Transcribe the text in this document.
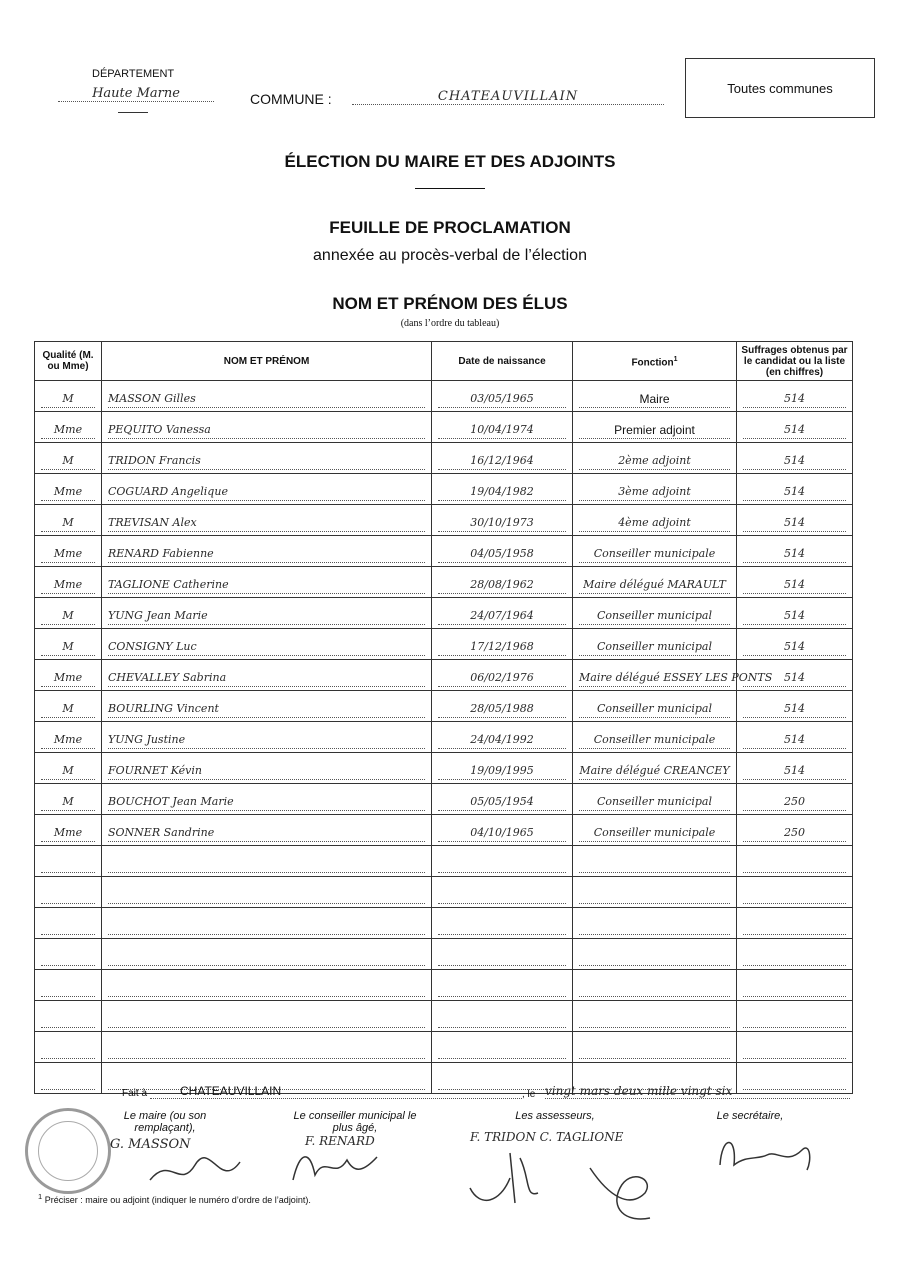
DÉPARTEMENT
Haute Marne	COMMUNE :	CHATEAUVILLAIN
Toutes communes
ÉLECTION DU MAIRE ET DES ADJOINTS
FEUILLE DE PROCLAMATION
annexée au procès-verbal de l’élection
NOM ET PRÉNOM DES ÉLUS
(dans l’ordre du tableau)
Qualité (M. ou Mme)	NOM ET PRÉNOM	Date de naissance	Fonction$^1$	Suffrages obtenus par le candidat ou la liste (en chiffres)

M	MASSON Gilles	03/05/1965	Maire	514

Mme	PEQUITO Vanessa	10/04/1974	Premier adjoint	514

M	TRIDON Francis	16/12/1964	2ème adjoint	514

Mme	COGUARD Angelique	19/04/1982	3ème adjoint	514

M	TREVISAN Alex	30/10/1973	4ème adjoint	514

Mme	RENARD Fabienne	04/05/1958	Conseiller municipale	514

Mme	TAGLIONE Catherine	28/08/1962	Maire délégué MARAULT	514

M	YUNG Jean Marie	24/07/1964	Conseiller municipal	514

M	CONSIGNY Luc	17/12/1968	Conseiller municipal	514

Mme	CHEVALLEY Sabrina	06/02/1976	Maire délégué ESSEY LES PONTS	514

M	BOURLING Vincent	28/05/1988	Conseiller municipal	514

Mme	YUNG Justine	24/04/1992	Conseiller municipale	514

M	FOURNET Kévin	19/09/1995	Maire délégué CREANCEY	514

M	BOUCHOT Jean Marie	05/05/1954	Conseiller municipal	250

Mme	SONNER Sandrine	04/10/1965	Conseiller municipale	250

Fait à	CHATEAUVILLAIN	, le vingt mars deux mille vingt six
Le maire (ou son remplaçant),
G. MASSON
Le conseiller municipal le plus âgé,
F. RENARD
Les assesseurs,
F. TRIDON C. TAGLIONE
Le secrétaire,
$^1$ Préciser : maire ou adjoint (indiquer le numéro d’ordre de l’adjoint).
